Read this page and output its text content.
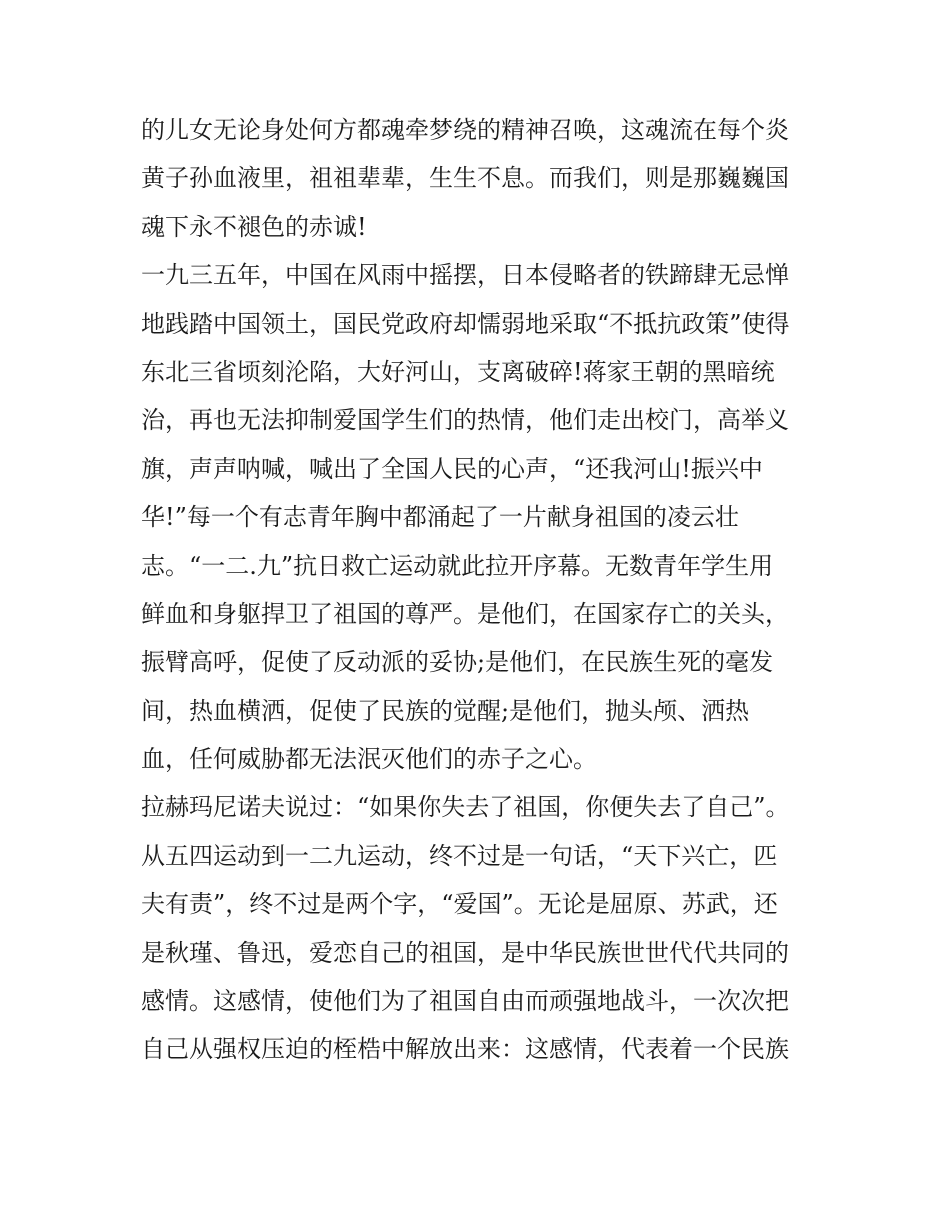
的儿女无论身处何方都魂牵梦绕的精神召唤，这魂流在每个炎
黄子孙血液里，祖祖辈辈，生生不息。而我们，则是那巍巍国
魂下永不褪色的赤诚!
一九三五年，中国在风雨中摇摆，日本侵略者的铁蹄肆无忌惮
地践踏中国领土，国民党政府却懦弱地采取“不抵抗政策”使得
东北三省顷刻沦陷，大好河山，支离破碎!蒋家王朝的黑暗统
治，再也无法抑制爱国学生们的热情，他们走出校门，高举义
旗，声声呐喊，喊出了全国人民的心声，“还我河山!振兴中
华!”每一个有志青年胸中都涌起了一片献身祖国的凌云壮
志。“一二.九”抗日救亡运动就此拉开序幕。无数青年学生用
鲜血和身躯捍卫了祖国的尊严。是他们，在国家存亡的关头，
振臂高呼，促使了反动派的妥协;是他们，在民族生死的毫发
间，热血横洒，促使了民族的觉醒;是他们，抛头颅、洒热
血，任何威胁都无法泯灭他们的赤子之心。
拉赫玛尼诺夫说过：“如果你失去了祖国，你便失去了自己”。
从五四运动到一二九运动，终不过是一句话，“天下兴亡，匹
夫有责”，终不过是两个字，“爱国”。无论是屈原、苏武，还
是秋瑾、鲁迅，爱恋自己的祖国，是中华民族世世代代共同的
感情。这感情，使他们为了祖国自由而顽强地战斗，一次次把
自己从强权压迫的桎梏中解放出来：这感情，代表着一个民族
